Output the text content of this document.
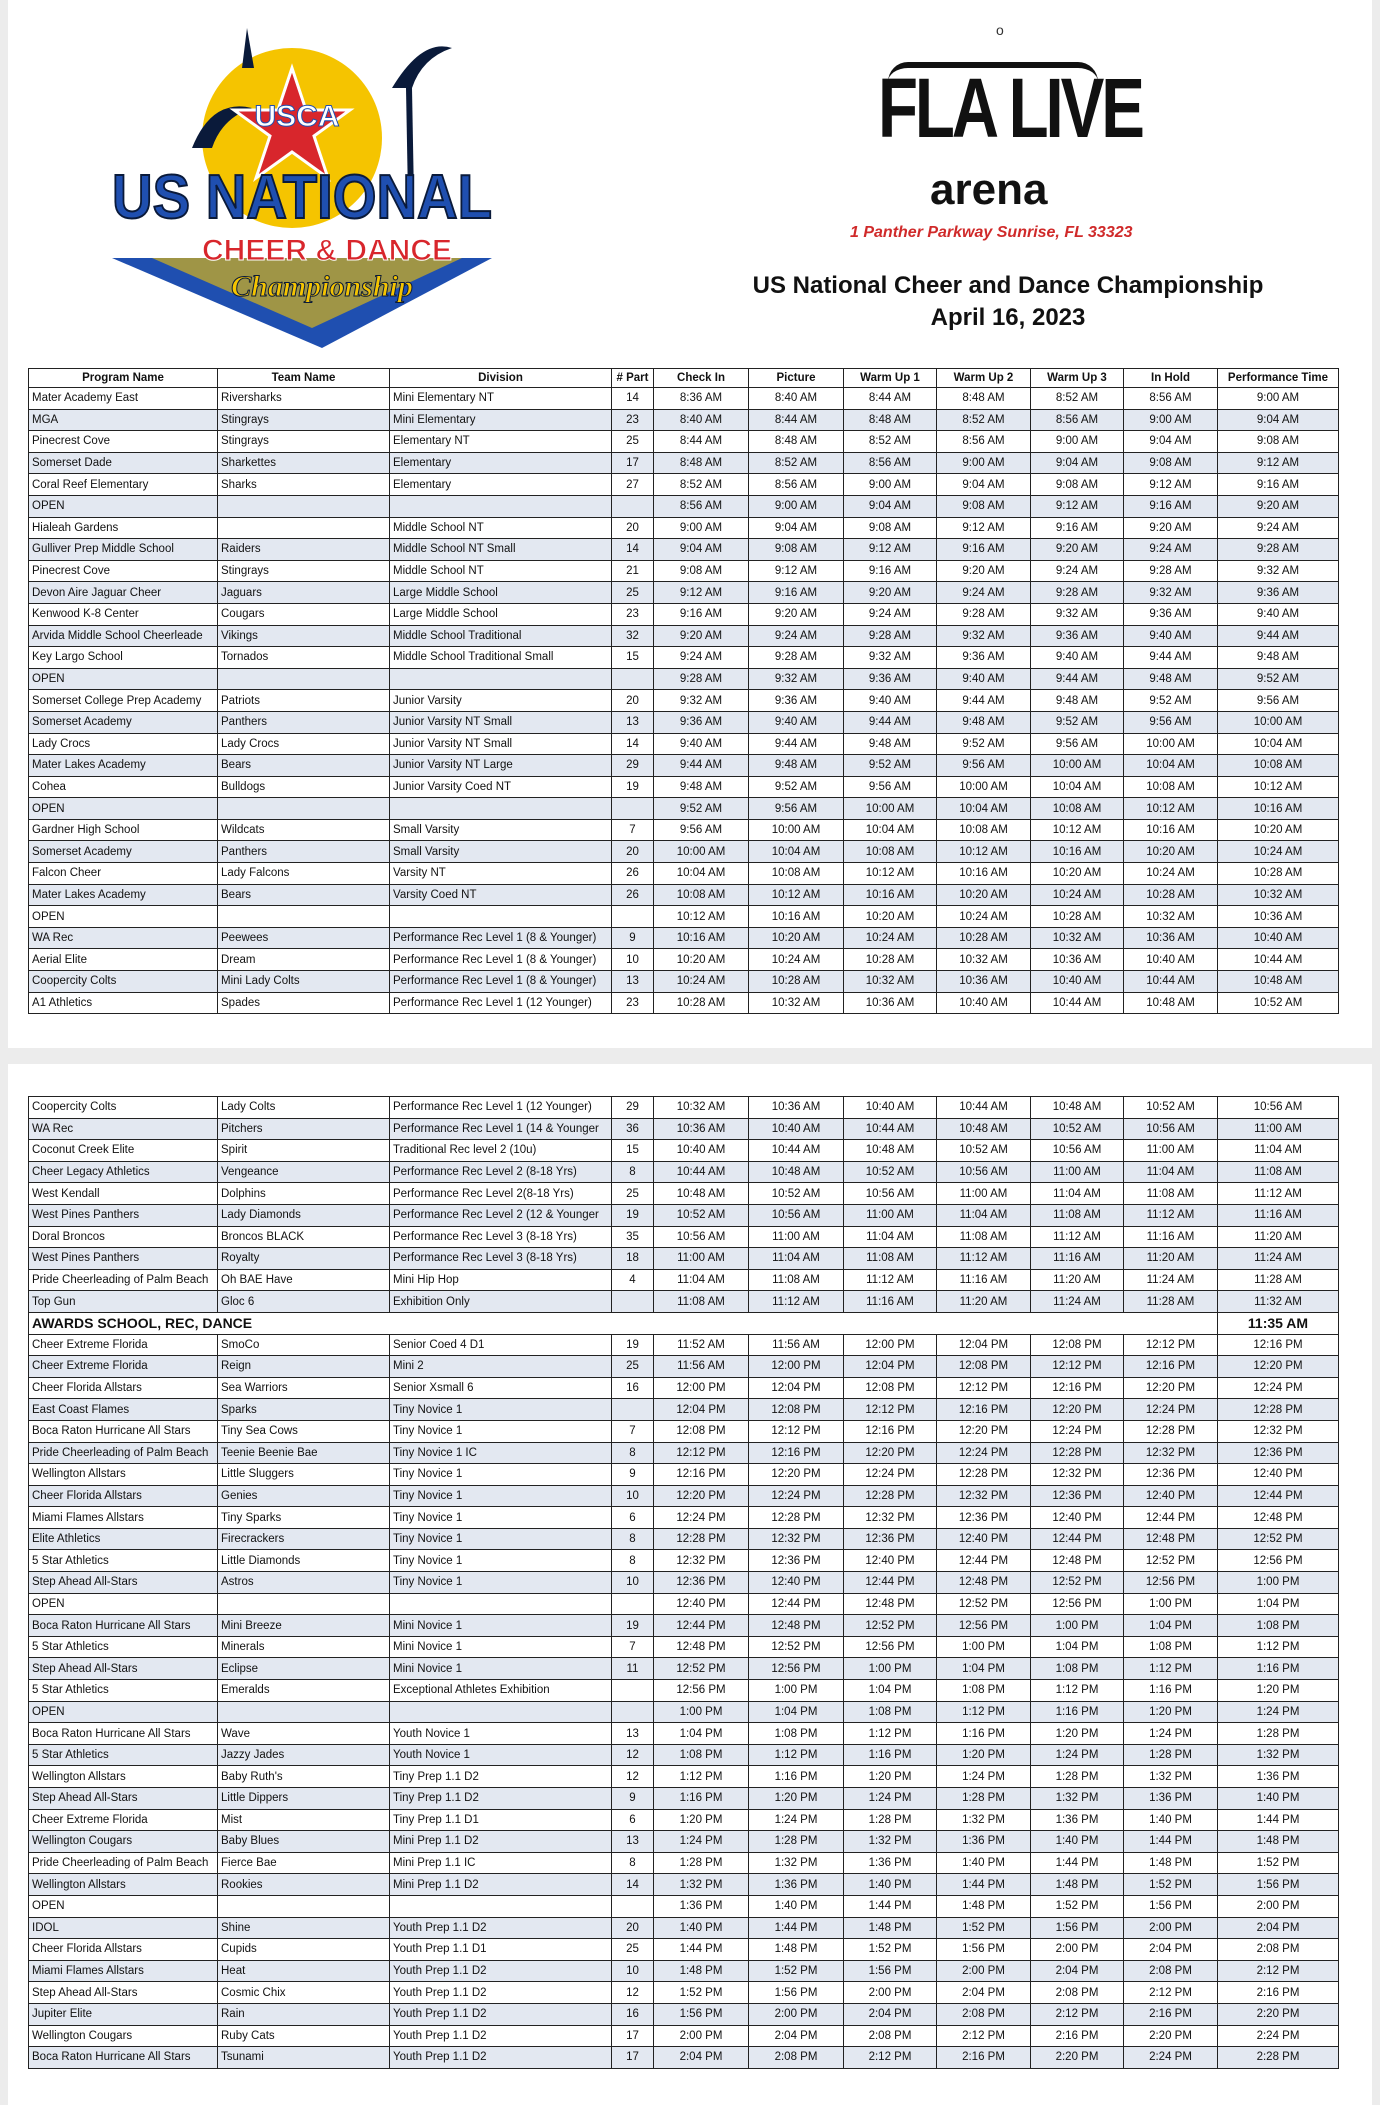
USCA
US NATIONAL
CHEER & DANCE
Championship
o
FLA LIVE
arena
1 Panther Parkway Sunrise, FL 33323
US National Cheer and Dance Championship
April 16, 2023
Program Name	Team Name	Division	# Part	Check In	Picture	Warm Up 1	Warm Up 2	Warm Up 3	In Hold	Performance Time
Mater Academy East	Riversharks	Mini Elementary NT	14	8:36 AM	8:40 AM	8:44 AM	8:48 AM	8:52 AM	8:56 AM	9:00 AM
MGA	Stingrays	Mini Elementary	23	8:40 AM	8:44 AM	8:48 AM	8:52 AM	8:56 AM	9:00 AM	9:04 AM
Pinecrest Cove	Stingrays	Elementary NT	25	8:44 AM	8:48 AM	8:52 AM	8:56 AM	9:00 AM	9:04 AM	9:08 AM
Somerset Dade	Sharkettes	Elementary	17	8:48 AM	8:52 AM	8:56 AM	9:00 AM	9:04 AM	9:08 AM	9:12 AM
Coral Reef Elementary	Sharks	Elementary	27	8:52 AM	8:56 AM	9:00 AM	9:04 AM	9:08 AM	9:12 AM	9:16 AM
OPEN				8:56 AM	9:00 AM	9:04 AM	9:08 AM	9:12 AM	9:16 AM	9:20 AM
Hialeah Gardens		Middle School NT	20	9:00 AM	9:04 AM	9:08 AM	9:12 AM	9:16 AM	9:20 AM	9:24 AM
Gulliver Prep Middle School	Raiders	Middle School NT Small	14	9:04 AM	9:08 AM	9:12 AM	9:16 AM	9:20 AM	9:24 AM	9:28 AM
Pinecrest Cove	Stingrays	Middle School NT	21	9:08 AM	9:12 AM	9:16 AM	9:20 AM	9:24 AM	9:28 AM	9:32 AM
Devon Aire Jaguar Cheer	Jaguars	Large Middle School	25	9:12 AM	9:16 AM	9:20 AM	9:24 AM	9:28 AM	9:32 AM	9:36 AM
Kenwood K-8 Center	Cougars	Large Middle School	23	9:16 AM	9:20 AM	9:24 AM	9:28 AM	9:32 AM	9:36 AM	9:40 AM
Arvida Middle School Cheerleade	Vikings	Middle School Traditional	32	9:20 AM	9:24 AM	9:28 AM	9:32 AM	9:36 AM	9:40 AM	9:44 AM
Key Largo School	Tornados	Middle School Traditional Small	15	9:24 AM	9:28 AM	9:32 AM	9:36 AM	9:40 AM	9:44 AM	9:48 AM
OPEN				9:28 AM	9:32 AM	9:36 AM	9:40 AM	9:44 AM	9:48 AM	9:52 AM
Somerset College Prep Academy	Patriots	Junior Varsity	20	9:32 AM	9:36 AM	9:40 AM	9:44 AM	9:48 AM	9:52 AM	9:56 AM
Somerset Academy	Panthers	Junior Varsity NT Small	13	9:36 AM	9:40 AM	9:44 AM	9:48 AM	9:52 AM	9:56 AM	10:00 AM
Lady Crocs	Lady Crocs	Junior Varsity NT Small	14	9:40 AM	9:44 AM	9:48 AM	9:52 AM	9:56 AM	10:00 AM	10:04 AM
Mater Lakes Academy	Bears	Junior Varsity NT Large	29	9:44 AM	9:48 AM	9:52 AM	9:56 AM	10:00 AM	10:04 AM	10:08 AM
Cohea	Bulldogs	Junior Varsity Coed NT	19	9:48 AM	9:52 AM	9:56 AM	10:00 AM	10:04 AM	10:08 AM	10:12 AM
OPEN				9:52 AM	9:56 AM	10:00 AM	10:04 AM	10:08 AM	10:12 AM	10:16 AM
Gardner High School	Wildcats	Small Varsity	7	9:56 AM	10:00 AM	10:04 AM	10:08 AM	10:12 AM	10:16 AM	10:20 AM
Somerset Academy	Panthers	Small Varsity	20	10:00 AM	10:04 AM	10:08 AM	10:12 AM	10:16 AM	10:20 AM	10:24 AM
Falcon Cheer	Lady Falcons	Varsity NT	26	10:04 AM	10:08 AM	10:12 AM	10:16 AM	10:20 AM	10:24 AM	10:28 AM
Mater Lakes Academy	Bears	Varsity Coed NT	26	10:08 AM	10:12 AM	10:16 AM	10:20 AM	10:24 AM	10:28 AM	10:32 AM
OPEN				10:12 AM	10:16 AM	10:20 AM	10:24 AM	10:28 AM	10:32 AM	10:36 AM
WA Rec	Peewees	Performance Rec Level 1 (8 & Younger)	9	10:16 AM	10:20 AM	10:24 AM	10:28 AM	10:32 AM	10:36 AM	10:40 AM
Aerial Elite	Dream	Performance Rec Level 1 (8 & Younger)	10	10:20 AM	10:24 AM	10:28 AM	10:32 AM	10:36 AM	10:40 AM	10:44 AM
Coopercity Colts	Mini Lady Colts	Performance Rec Level 1 (8 & Younger)	13	10:24 AM	10:28 AM	10:32 AM	10:36 AM	10:40 AM	10:44 AM	10:48 AM
A1 Athletics	Spades	Performance Rec Level 1 (12 Younger)	23	10:28 AM	10:32 AM	10:36 AM	10:40 AM	10:44 AM	10:48 AM	10:52 AM
Coopercity Colts	Lady Colts	Performance Rec Level 1 (12 Younger)	29	10:32 AM	10:36 AM	10:40 AM	10:44 AM	10:48 AM	10:52 AM	10:56 AM
WA Rec	Pitchers	Performance Rec Level 1 (14 & Younger	36	10:36 AM	10:40 AM	10:44 AM	10:48 AM	10:52 AM	10:56 AM	11:00 AM
Coconut Creek Elite	Spirit	Traditional Rec level 2 (10u)	15	10:40 AM	10:44 AM	10:48 AM	10:52 AM	10:56 AM	11:00 AM	11:04 AM
Cheer Legacy Athletics	Vengeance	Performance Rec Level 2 (8-18 Yrs)	8	10:44 AM	10:48 AM	10:52 AM	10:56 AM	11:00 AM	11:04 AM	11:08 AM
West Kendall	Dolphins	Performance Rec Level 2(8-18 Yrs)	25	10:48 AM	10:52 AM	10:56 AM	11:00 AM	11:04 AM	11:08 AM	11:12 AM
West Pines Panthers	Lady Diamonds	Performance Rec Level 2 (12 & Younger	19	10:52 AM	10:56 AM	11:00 AM	11:04 AM	11:08 AM	11:12 AM	11:16 AM
Doral Broncos	Broncos BLACK	Performance Rec Level 3 (8-18 Yrs)	35	10:56 AM	11:00 AM	11:04 AM	11:08 AM	11:12 AM	11:16 AM	11:20 AM
West Pines Panthers	Royalty	Performance Rec Level 3 (8-18 Yrs)	18	11:00 AM	11:04 AM	11:08 AM	11:12 AM	11:16 AM	11:20 AM	11:24 AM
Pride Cheerleading of Palm Beach	Oh BAE Have	Mini Hip Hop	4	11:04 AM	11:08 AM	11:12 AM	11:16 AM	11:20 AM	11:24 AM	11:28 AM
Top Gun	Gloc 6	Exhibition Only		11:08 AM	11:12 AM	11:16 AM	11:20 AM	11:24 AM	11:28 AM	11:32 AM
AWARDS SCHOOL, REC, DANCE										11:35 AM
Cheer Extreme Florida	SmoCo	Senior Coed 4 D1	19	11:52 AM	11:56 AM	12:00 PM	12:04 PM	12:08 PM	12:12 PM	12:16 PM
Cheer Extreme Florida	Reign	Mini 2	25	11:56 AM	12:00 PM	12:04 PM	12:08 PM	12:12 PM	12:16 PM	12:20 PM
Cheer Florida Allstars	Sea Warriors	Senior Xsmall 6	16	12:00 PM	12:04 PM	12:08 PM	12:12 PM	12:16 PM	12:20 PM	12:24 PM
East Coast Flames	Sparks	Tiny Novice 1		12:04 PM	12:08 PM	12:12 PM	12:16 PM	12:20 PM	12:24 PM	12:28 PM
Boca Raton Hurricane All Stars	Tiny Sea Cows	Tiny Novice 1	7	12:08 PM	12:12 PM	12:16 PM	12:20 PM	12:24 PM	12:28 PM	12:32 PM
Pride Cheerleading of Palm Beach	Teenie Beenie Bae	Tiny Novice 1 IC	8	12:12 PM	12:16 PM	12:20 PM	12:24 PM	12:28 PM	12:32 PM	12:36 PM
Wellington Allstars	Little Sluggers	Tiny Novice 1	9	12:16 PM	12:20 PM	12:24 PM	12:28 PM	12:32 PM	12:36 PM	12:40 PM
Cheer Florida Allstars	Genies	Tiny Novice 1	10	12:20 PM	12:24 PM	12:28 PM	12:32 PM	12:36 PM	12:40 PM	12:44 PM
Miami Flames Allstars	Tiny Sparks	Tiny Novice 1	6	12:24 PM	12:28 PM	12:32 PM	12:36 PM	12:40 PM	12:44 PM	12:48 PM
Elite Athletics	Firecrackers	Tiny Novice 1	8	12:28 PM	12:32 PM	12:36 PM	12:40 PM	12:44 PM	12:48 PM	12:52 PM
5 Star Athletics	Little Diamonds	Tiny Novice 1	8	12:32 PM	12:36 PM	12:40 PM	12:44 PM	12:48 PM	12:52 PM	12:56 PM
Step Ahead All-Stars	Astros	Tiny Novice 1	10	12:36 PM	12:40 PM	12:44 PM	12:48 PM	12:52 PM	12:56 PM	1:00 PM
OPEN				12:40 PM	12:44 PM	12:48 PM	12:52 PM	12:56 PM	1:00 PM	1:04 PM
Boca Raton Hurricane All Stars	Mini Breeze	Mini Novice 1	19	12:44 PM	12:48 PM	12:52 PM	12:56 PM	1:00 PM	1:04 PM	1:08 PM
5 Star Athletics	Minerals	Mini Novice 1	7	12:48 PM	12:52 PM	12:56 PM	1:00 PM	1:04 PM	1:08 PM	1:12 PM
Step Ahead All-Stars	Eclipse	Mini Novice 1	11	12:52 PM	12:56 PM	1:00 PM	1:04 PM	1:08 PM	1:12 PM	1:16 PM
5 Star Athletics	Emeralds	Exceptional Athletes Exhibition		12:56 PM	1:00 PM	1:04 PM	1:08 PM	1:12 PM	1:16 PM	1:20 PM
OPEN				1:00 PM	1:04 PM	1:08 PM	1:12 PM	1:16 PM	1:20 PM	1:24 PM
Boca Raton Hurricane All Stars	Wave	Youth Novice 1	13	1:04 PM	1:08 PM	1:12 PM	1:16 PM	1:20 PM	1:24 PM	1:28 PM
5 Star Athletics	Jazzy Jades	Youth Novice 1	12	1:08 PM	1:12 PM	1:16 PM	1:20 PM	1:24 PM	1:28 PM	1:32 PM
Wellington Allstars	Baby Ruth's	Tiny Prep 1.1 D2	12	1:12 PM	1:16 PM	1:20 PM	1:24 PM	1:28 PM	1:32 PM	1:36 PM
Step Ahead All-Stars	Little Dippers	Tiny Prep 1.1 D2	9	1:16 PM	1:20 PM	1:24 PM	1:28 PM	1:32 PM	1:36 PM	1:40 PM
Cheer Extreme Florida	Mist	Tiny Prep 1.1 D1	6	1:20 PM	1:24 PM	1:28 PM	1:32 PM	1:36 PM	1:40 PM	1:44 PM
Wellington Cougars	Baby Blues	Mini Prep 1.1 D2	13	1:24 PM	1:28 PM	1:32 PM	1:36 PM	1:40 PM	1:44 PM	1:48 PM
Pride Cheerleading of Palm Beach	Fierce Bae	Mini Prep 1.1 IC	8	1:28 PM	1:32 PM	1:36 PM	1:40 PM	1:44 PM	1:48 PM	1:52 PM
Wellington Allstars	Rookies	Mini Prep 1.1 D2	14	1:32 PM	1:36 PM	1:40 PM	1:44 PM	1:48 PM	1:52 PM	1:56 PM
OPEN				1:36 PM	1:40 PM	1:44 PM	1:48 PM	1:52 PM	1:56 PM	2:00 PM
IDOL	Shine	Youth Prep 1.1 D2	20	1:40 PM	1:44 PM	1:48 PM	1:52 PM	1:56 PM	2:00 PM	2:04 PM
Cheer Florida Allstars	Cupids	Youth Prep 1.1 D1	25	1:44 PM	1:48 PM	1:52 PM	1:56 PM	2:00 PM	2:04 PM	2:08 PM
Miami Flames Allstars	Heat	Youth Prep 1.1 D2	10	1:48 PM	1:52 PM	1:56 PM	2:00 PM	2:04 PM	2:08 PM	2:12 PM
Step Ahead All-Stars	Cosmic Chix	Youth Prep 1.1 D2	12	1:52 PM	1:56 PM	2:00 PM	2:04 PM	2:08 PM	2:12 PM	2:16 PM
Jupiter Elite	Rain	Youth Prep 1.1 D2	16	1:56 PM	2:00 PM	2:04 PM	2:08 PM	2:12 PM	2:16 PM	2:20 PM
Wellington Cougars	Ruby Cats	Youth Prep 1.1 D2	17	2:00 PM	2:04 PM	2:08 PM	2:12 PM	2:16 PM	2:20 PM	2:24 PM
Boca Raton Hurricane All Stars	Tsunami	Youth Prep 1.1 D2	17	2:04 PM	2:08 PM	2:12 PM	2:16 PM	2:20 PM	2:24 PM	2:28 PM
